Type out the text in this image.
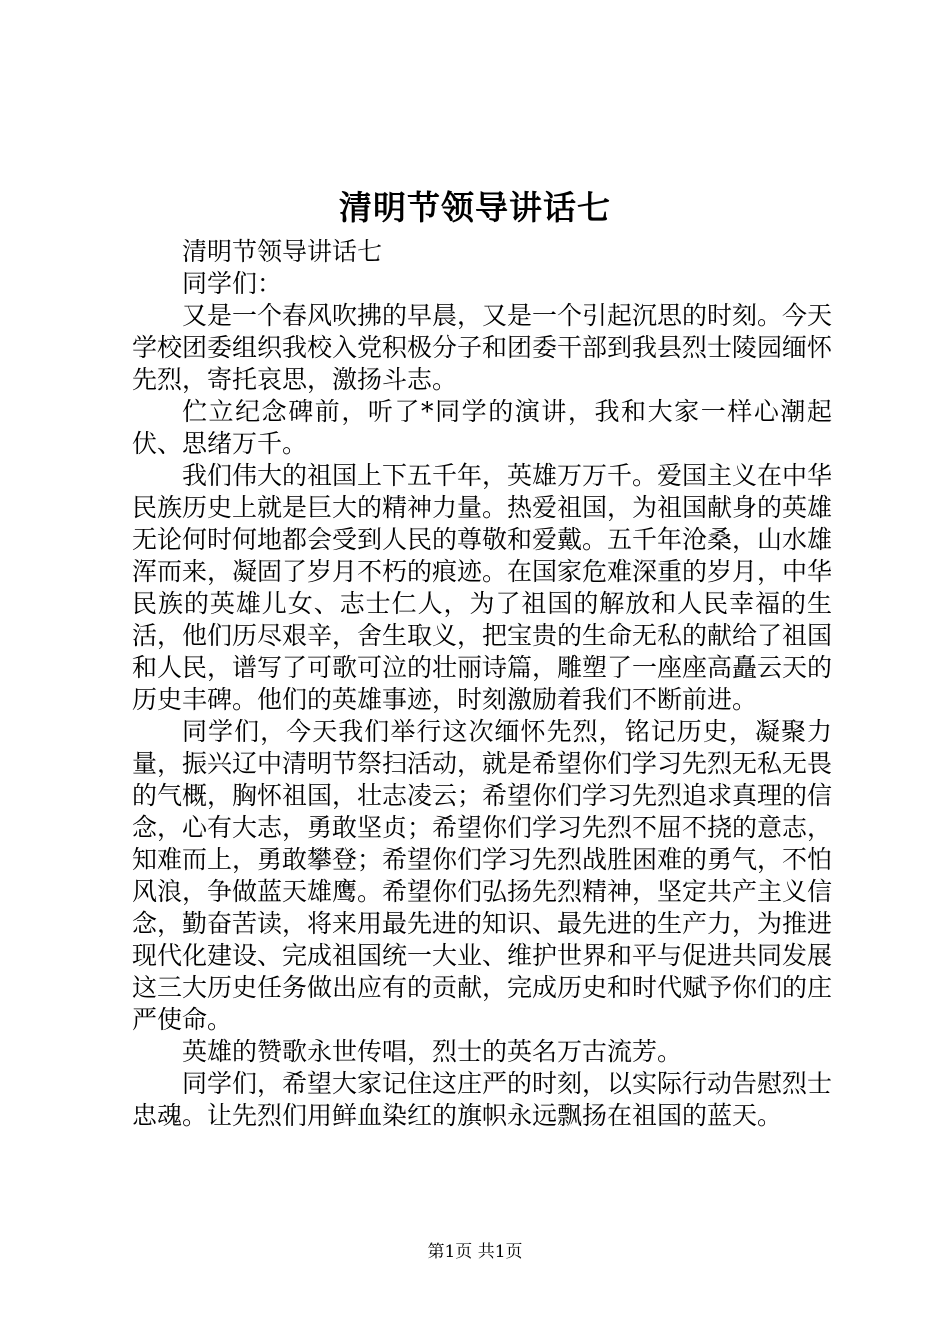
清明节领导讲话七

清明节领导讲话七

同学们：

又是一个春风吹拂的早晨，又是一个引起沉思的时刻。今天学校团委组织我校入党积极分子和团委干部到我县烈士陵园缅怀先烈，寄托哀思，激扬斗志。

伫立纪念碑前，听了*同学的演讲，我和大家一样心潮起伏、思绪万千。

我们伟大的祖国上下五千年，英雄万万千。爱国主义在中华民族历史上就是巨大的精神力量。热爱祖国，为祖国献身的英雄无论何时何地都会受到人民的尊敬和爱戴。五千年沧桑，山水雄浑而来，凝固了岁月不朽的痕迹。在国家危难深重的岁月，中华民族的英雄儿女、志士仁人，为了祖国的解放和人民幸福的生活，他们历尽艰辛，舍生取义，把宝贵的生命无私的献给了祖国和人民，谱写了可歌可泣的壮丽诗篇，雕塑了一座座高矗云天的历史丰碑。他们的英雄事迹，时刻激励着我们不断前进。

同学们，今天我们举行这次缅怀先烈，铭记历史，凝聚力量，振兴辽中清明节祭扫活动，就是希望你们学习先烈无私无畏的气概，胸怀祖国，壮志凌云；希望你们学习先烈追求真理的信念，心有大志，勇敢坚贞；希望你们学习先烈不屈不挠的意志，知难而上，勇敢攀登；希望你们学习先烈战胜困难的勇气，不怕风浪，争做蓝天雄鹰。希望你们弘扬先烈精神，坚定共产主义信念，勤奋苦读，将来用最先进的知识、最先进的生产力，为推进现代化建设、完成祖国统一大业、维护世界和平与促进共同发展这三大历史任务做出应有的贡献，完成历史和时代赋予你们的庄严使命。

英雄的赞歌永世传唱，烈士的英名万古流芳。

同学们，希望大家记住这庄严的时刻，以实际行动告慰烈士忠魂。让先烈们用鲜血染红的旗帜永远飘扬在祖国的蓝天。

第1页 共1页
